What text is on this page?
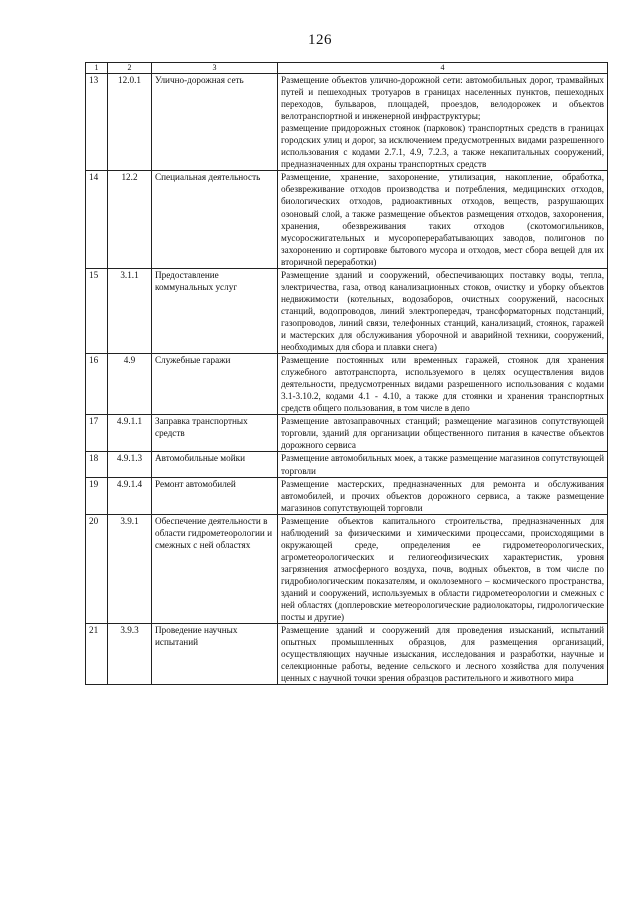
126
1	2	3	4
13	12.0.1	Улично-дорожная сеть	Размещение объектов улично-дорожной сети: автомобильных дорог, трамвайных путей и пешеходных тротуаров в границах населенных пунктов, пешеходных переходов, бульваров, площадей, проездов, велодорожек и объектов велотранспортной и инженерной инфраструктуры;

размещение придорожных стоянок (парковок) транспортных средств в границах городских улиц и дорог, за исключением предусмотренных видами разрешенного использования с кодами 2.7.1, 4.9, 7.2.3, а также некапитальных сооружений, предназначенных для охраны транспортных средств

14	12.2	Специальная деятельность	Размещение, хранение, захоронение, утилизация, накопление, обработка, обезвреживание отходов производства и потребления, медицинских отходов, биологических отходов, радиоактивных отходов, веществ, разрушающих озоновый слой, а также размещение объектов размещения отходов, захоронения, хранения, обезвреживания таких отходов (скотомогильников, мусоросжигательных и мусороперерабатывающих заводов, полигонов по захоронению и сортировке бытового мусора и отходов, мест сбора вещей для их вторичной переработки)

15	3.1.1	Предоставление коммунальных услуг	Размещение зданий и сооружений, обеспечивающих поставку воды, тепла, электричества, газа, отвод канализационных стоков, очистку и уборку объектов недвижимости (котельных, водозаборов, очистных сооружений, насосных станций, водопроводов, линий электропередач, трансформаторных подстанций, газопроводов, линий связи, телефонных станций, канализаций, стоянок, гаражей и мастерских для обслуживания уборочной и аварийной техники, сооружений, необходимых для сбора и плавки снега)

16	4.9	Служебные гаражи	Размещение постоянных или временных гаражей, стоянок для хранения служебного автотранспорта, используемого в целях осуществления видов деятельности, предусмотренных видами разрешенного использования с кодами 3.1-3.10.2, кодами 4.1 - 4.10, а также для стоянки и хранения транспортных средств общего пользования, в том числе в депо

17	4.9.1.1	Заправка транспортных средств	Размещение автозаправочных станций; размещение магазинов сопутствующей торговли, зданий для организации общественного питания в качестве объектов дорожного сервиса

18	4.9.1.3	Автомобильные мойки	Размещение автомобильных моек, а также размещение магазинов сопутствующей торговли

19	4.9.1.4	Ремонт автомобилей	Размещение мастерских, предназначенных для ремонта и обслуживания автомобилей, и прочих объектов дорожного сервиса, а также размещение магазинов сопутствующей торговли

20	3.9.1	Обеспечение деятельности в области гидрометеорологии и смежных с ней областях	Размещение объектов капитального строительства, предназначенных для наблюдений за физическими и химическими процессами, происходящими в окружающей среде, определения ее гидрометеорологических, агрометеорологических и гелиогеофизических характеристик, уровня загрязнения атмосферного воздуха, почв, водных объектов, в том числе по гидробиологическим показателям, и околоземного – космического пространства, зданий и сооружений, используемых в области гидрометеорологии и смежных с ней областях (доплеровские метеорологические радиолокаторы, гидрологические посты и другие)

21	3.9.3	Проведение научных испытаний	Размещение зданий и сооружений для проведения изысканий, испытаний опытных промышленных образцов, для размещения организаций, осуществляющих научные изыскания, исследования и разработки, научные и селекционные работы, ведение сельского и лесного хозяйства для получения ценных с научной точки зрения образцов растительного и животного мира
